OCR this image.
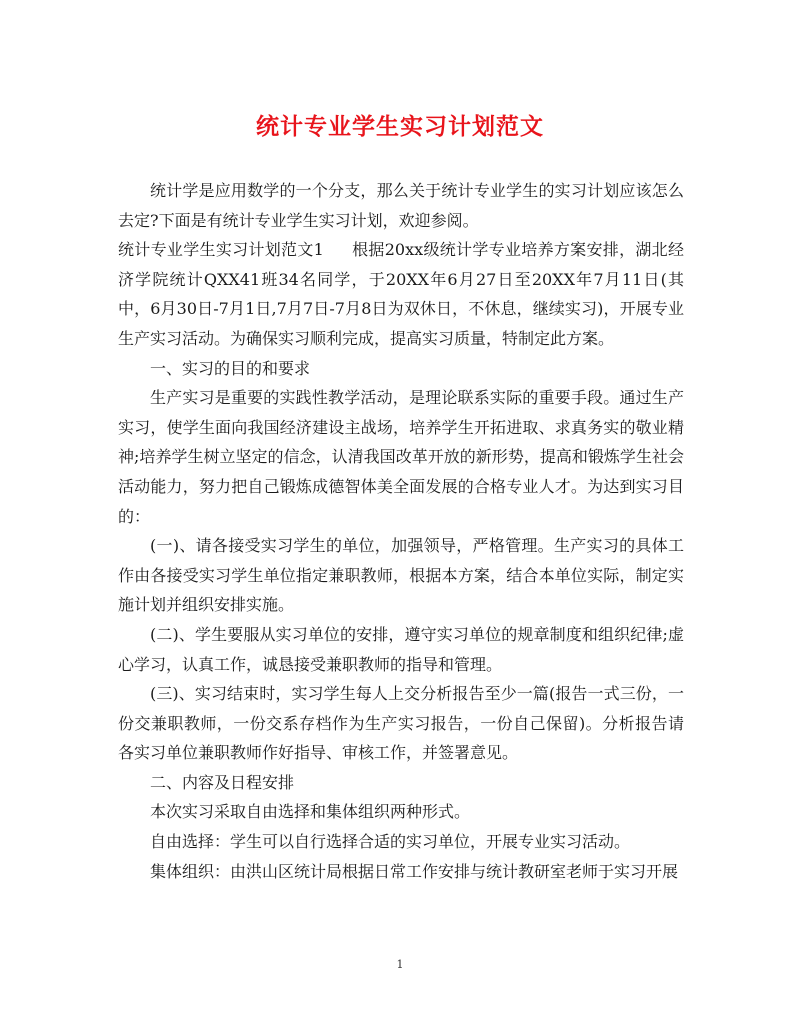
统计专业学生实习计划范文

统计学是应用数学的一个分支，那么关于统计专业学生的实习计划应该怎么去定?下面是有统计专业学生实习计划，欢迎参阅。

统计专业学生实习计划范文1 根据20xx级统计学专业培养方案安排，湖北经济学院统计QXX41班34名同学，于20XX年6月27日至20XX年7月11日(其中，6月30日-7月1日,7月7日-7月8日为双休日，不休息，继续实习)，开展专业生产实习活动。为确保实习顺利完成，提高实习质量，特制定此方案。

一、实习的目的和要求

生产实习是重要的实践性教学活动，是理论联系实际的重要手段。通过生产实习，使学生面向我国经济建设主战场，培养学生开拓进取、求真务实的敬业精神;培养学生树立坚定的信念，认清我国改革开放的新形势，提高和锻炼学生社会活动能力，努力把自己锻炼成德智体美全面发展的合格专业人才。为达到实习目的：

(一)、请各接受实习学生的单位，加强领导，严格管理。生产实习的具体工作由各接受实习学生单位指定兼职教师，根据本方案，结合本单位实际，制定实施计划并组织安排实施。

(二)、学生要服从实习单位的安排，遵守实习单位的规章制度和组织纪律;虚心学习，认真工作，诚恳接受兼职教师的指导和管理。

(三)、实习结束时，实习学生每人上交分析报告至少一篇(报告一式三份，一份交兼职教师，一份交系存档作为生产实习报告，一份自己保留)。分析报告请各实习单位兼职教师作好指导、审核工作，并签署意见。

二、内容及日程安排

本次实习采取自由选择和集体组织两种形式。

自由选择：学生可以自行选择合适的实习单位，开展专业实习活动。

集体组织：由洪山区统计局根据日常工作安排与统计教研室老师于实习开展

1
